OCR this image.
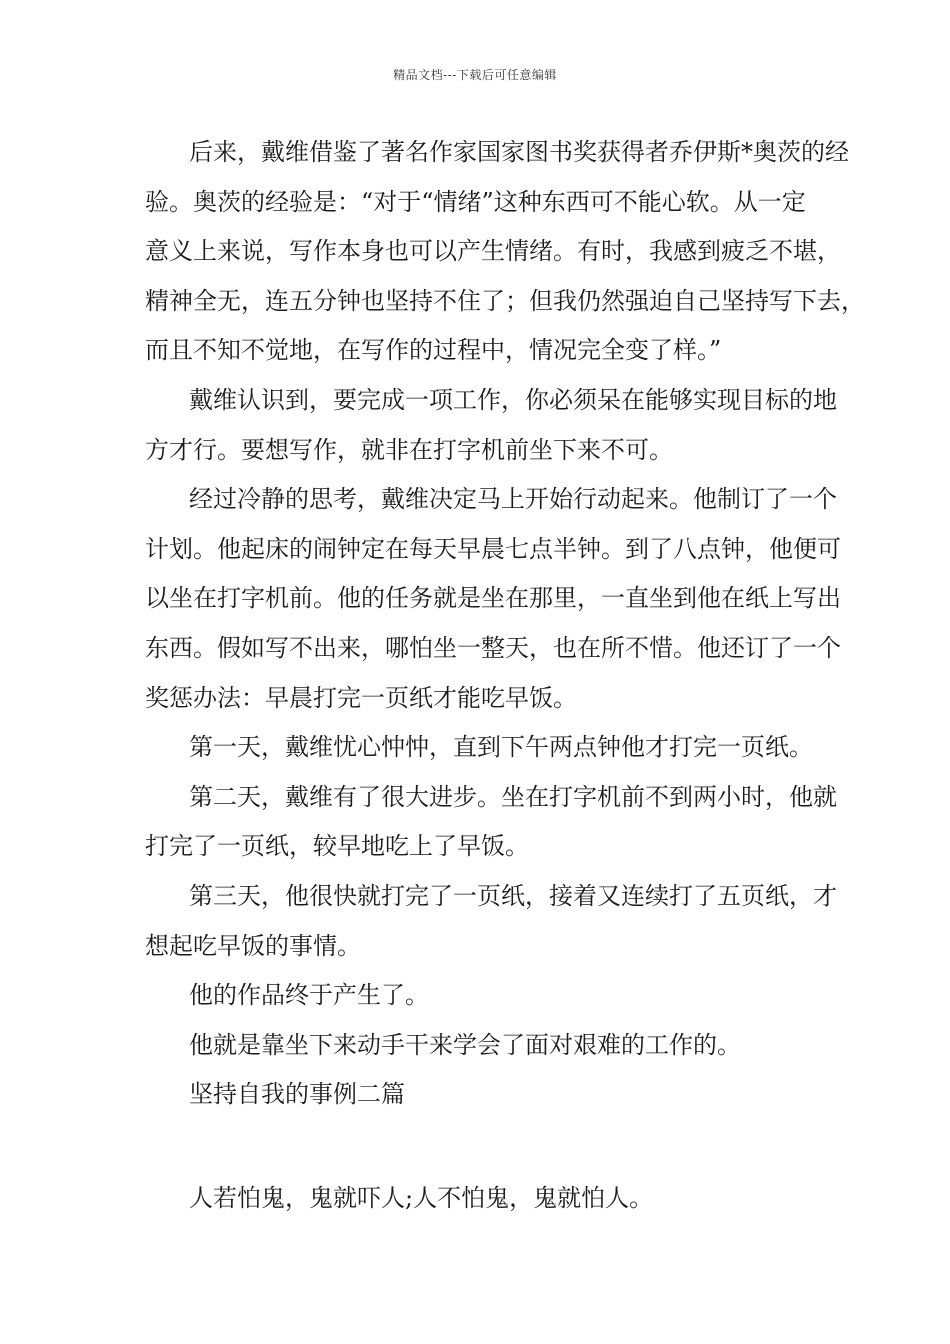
精品文档---下载后可任意编辑
后来，戴维借鉴了著名作家国家图书奖获得者乔伊斯*奥茨的经
验。奥茨的经验是：“对于“情绪”这种东西可不能心软。从一定
意义上来说，写作本身也可以产生情绪。有时，我感到疲乏不堪，
精神全无，连五分钟也坚持不住了；但我仍然强迫自己坚持写下去，
而且不知不觉地，在写作的过程中，情况完全变了样。”
戴维认识到，要完成一项工作，你必须呆在能够实现目标的地
方才行。要想写作，就非在打字机前坐下来不可。
经过冷静的思考，戴维决定马上开始行动起来。他制订了一个
计划。他起床的闹钟定在每天早晨七点半钟。到了八点钟，他便可
以坐在打字机前。他的任务就是坐在那里，一直坐到他在纸上写出
东西。假如写不出来，哪怕坐一整天，也在所不惜。他还订了一个
奖惩办法：早晨打完一页纸才能吃早饭。
第一天，戴维忧心忡忡，直到下午两点钟他才打完一页纸。
第二天，戴维有了很大进步。坐在打字机前不到两小时，他就
打完了一页纸，较早地吃上了早饭。
第三天，他很快就打完了一页纸，接着又连续打了五页纸，才
想起吃早饭的事情。
他的作品终于产生了。
他就是靠坐下来动手干来学会了面对艰难的工作的。
坚持自我的事例二篇
人若怕鬼，鬼就吓人;人不怕鬼，鬼就怕人。
